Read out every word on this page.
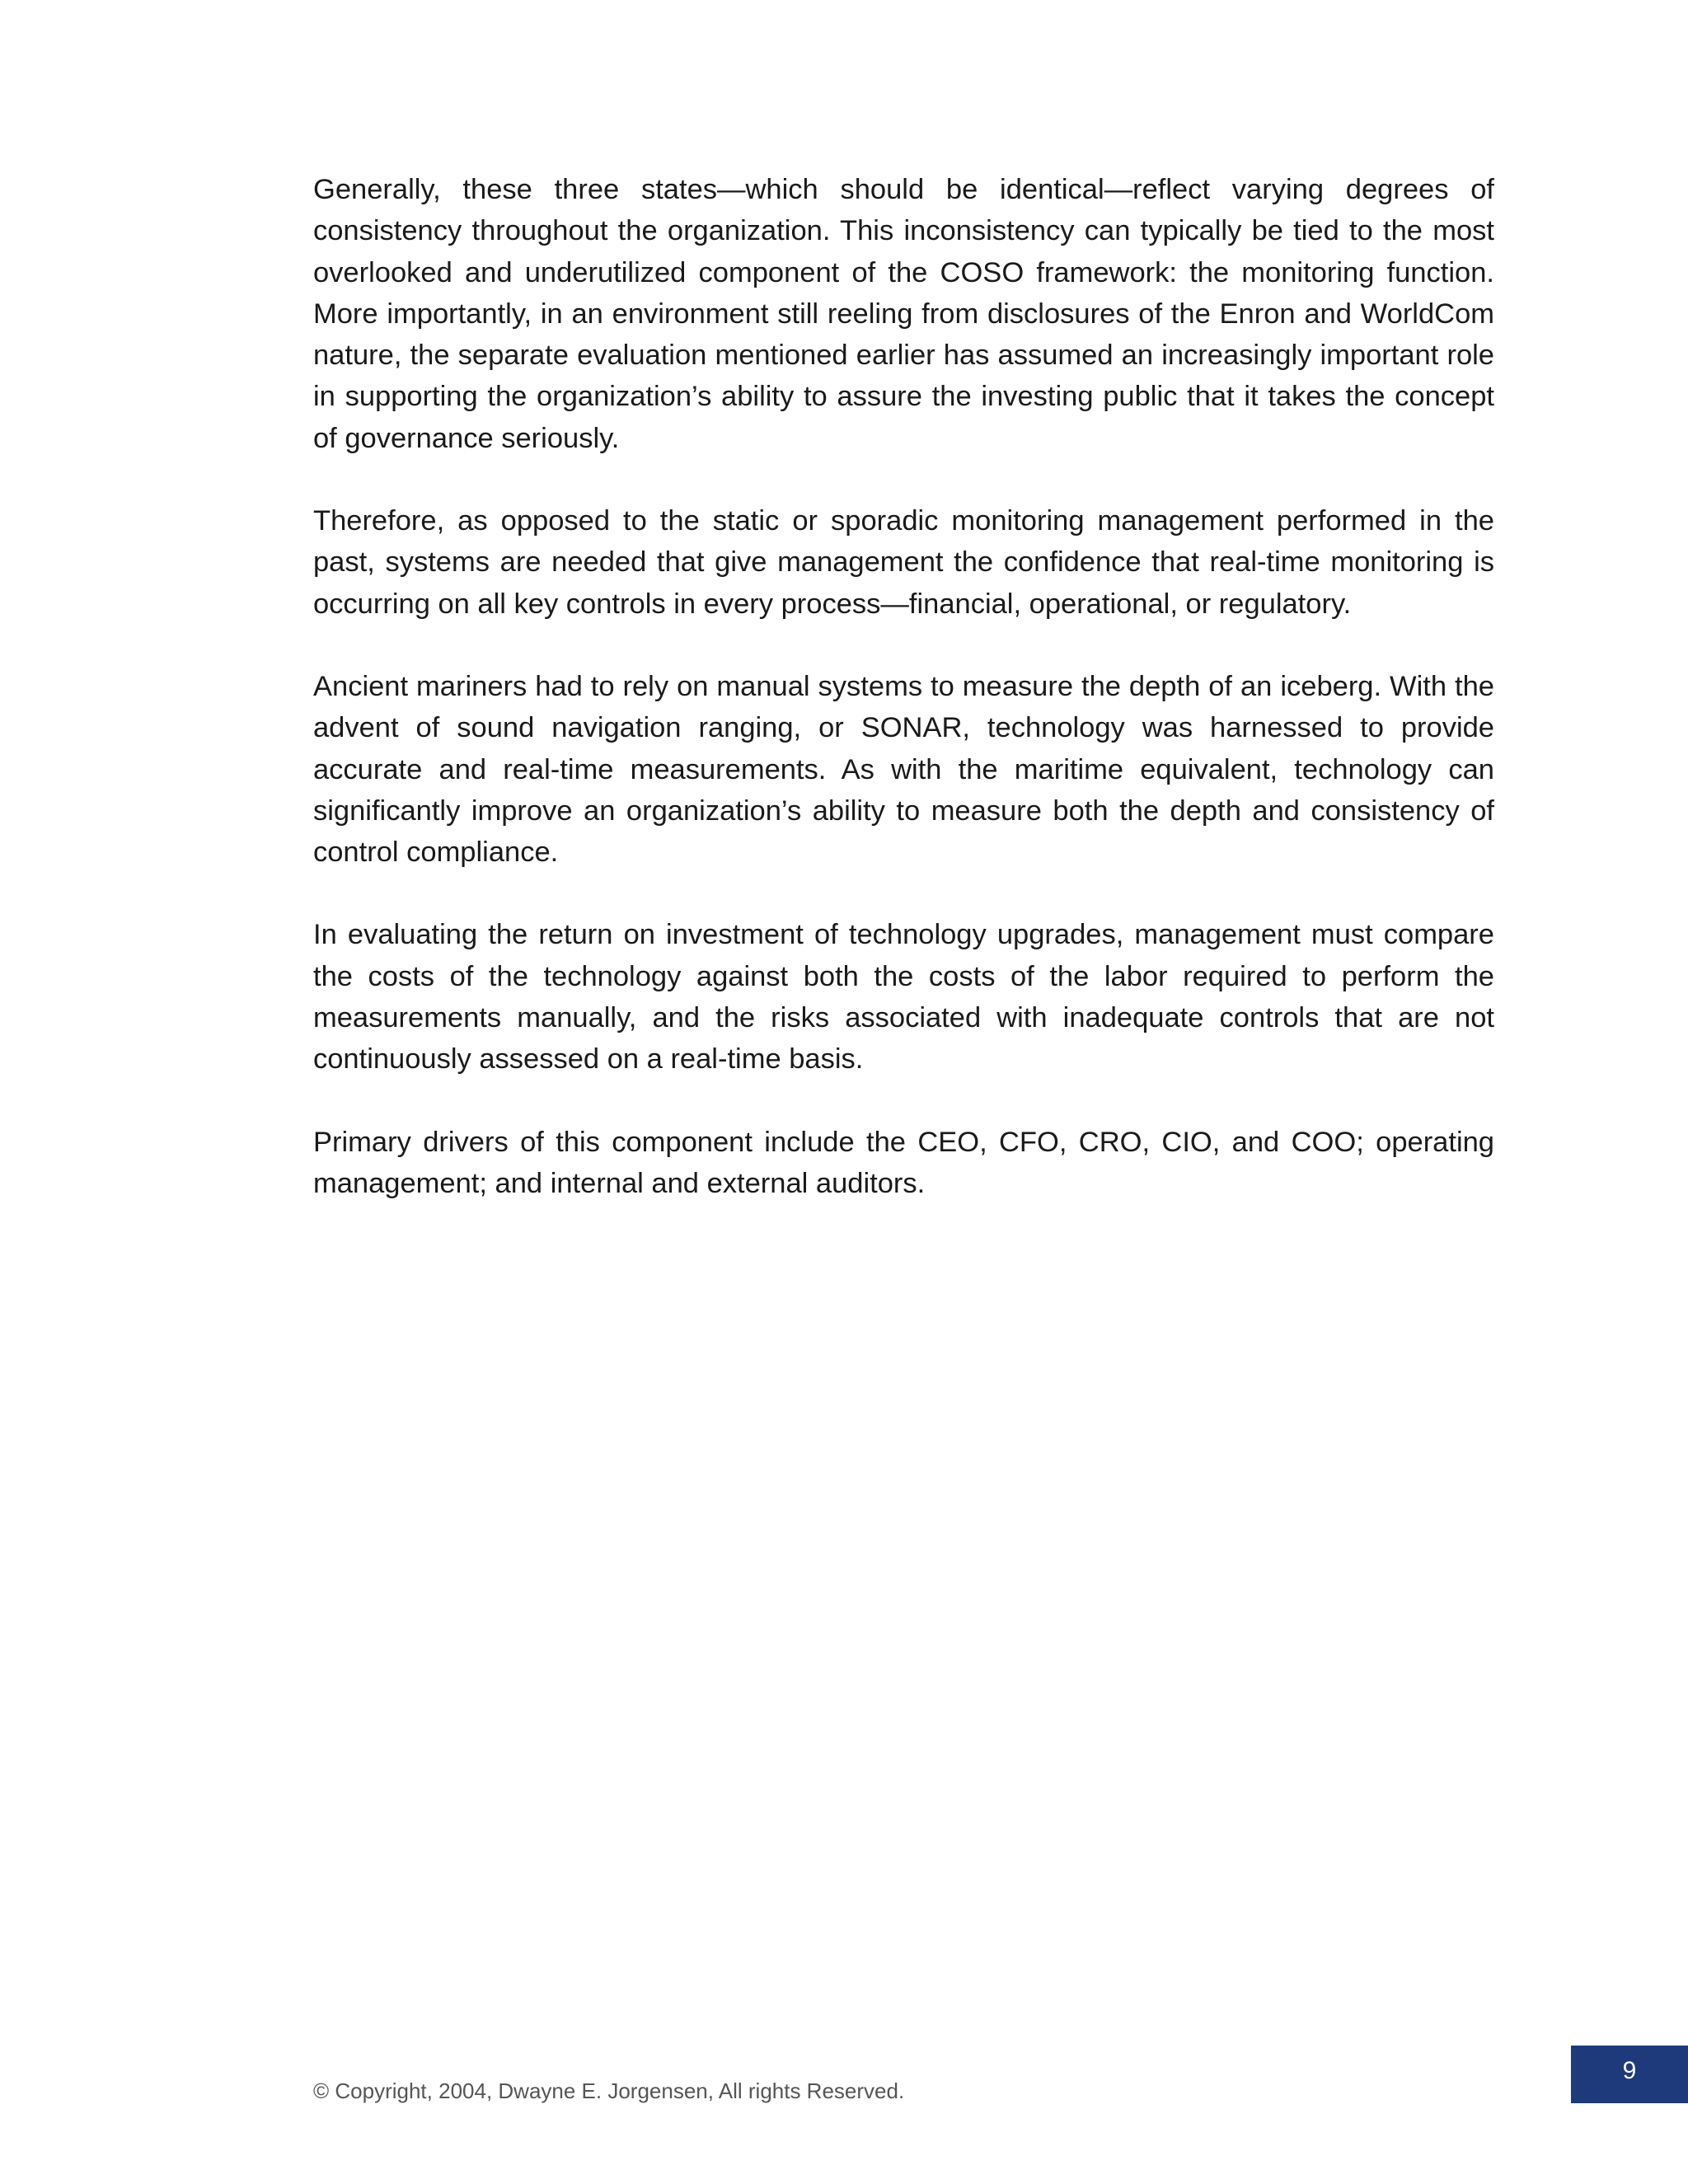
Generally, these three states—which should be identical—reflect varying degrees of consistency throughout the organization. This inconsistency can typically be tied to the most overlooked and underutilized component of the COSO framework: the monitoring function. More importantly, in an environment still reeling from disclosures of the Enron and WorldCom nature, the separate evaluation mentioned earlier has assumed an increasingly important role in supporting the organization’s ability to assure the investing public that it takes the concept of governance seriously.

Therefore, as opposed to the static or sporadic monitoring management performed in the past, systems are needed that give management the confidence that real-time monitoring is occurring on all key controls in every process—financial, operational, or regulatory.

Ancient mariners had to rely on manual systems to measure the depth of an iceberg. With the advent of sound navigation ranging, or SONAR, technology was harnessed to provide accurate and real-time measurements. As with the maritime equivalent, technology can significantly improve an organization’s ability to measure both the depth and consistency of control compliance.

In evaluating the return on investment of technology upgrades, management must compare the costs of the technology against both the costs of the labor required to perform the measurements manually, and the risks associated with inadequate controls that are not continuously assessed on a real-time basis.

Primary drivers of this component include the CEO, CFO, CRO, CIO, and COO; operating management; and internal and external auditors.

© Copyright, 2004, Dwayne E. Jorgensen, All rights Reserved.
9
